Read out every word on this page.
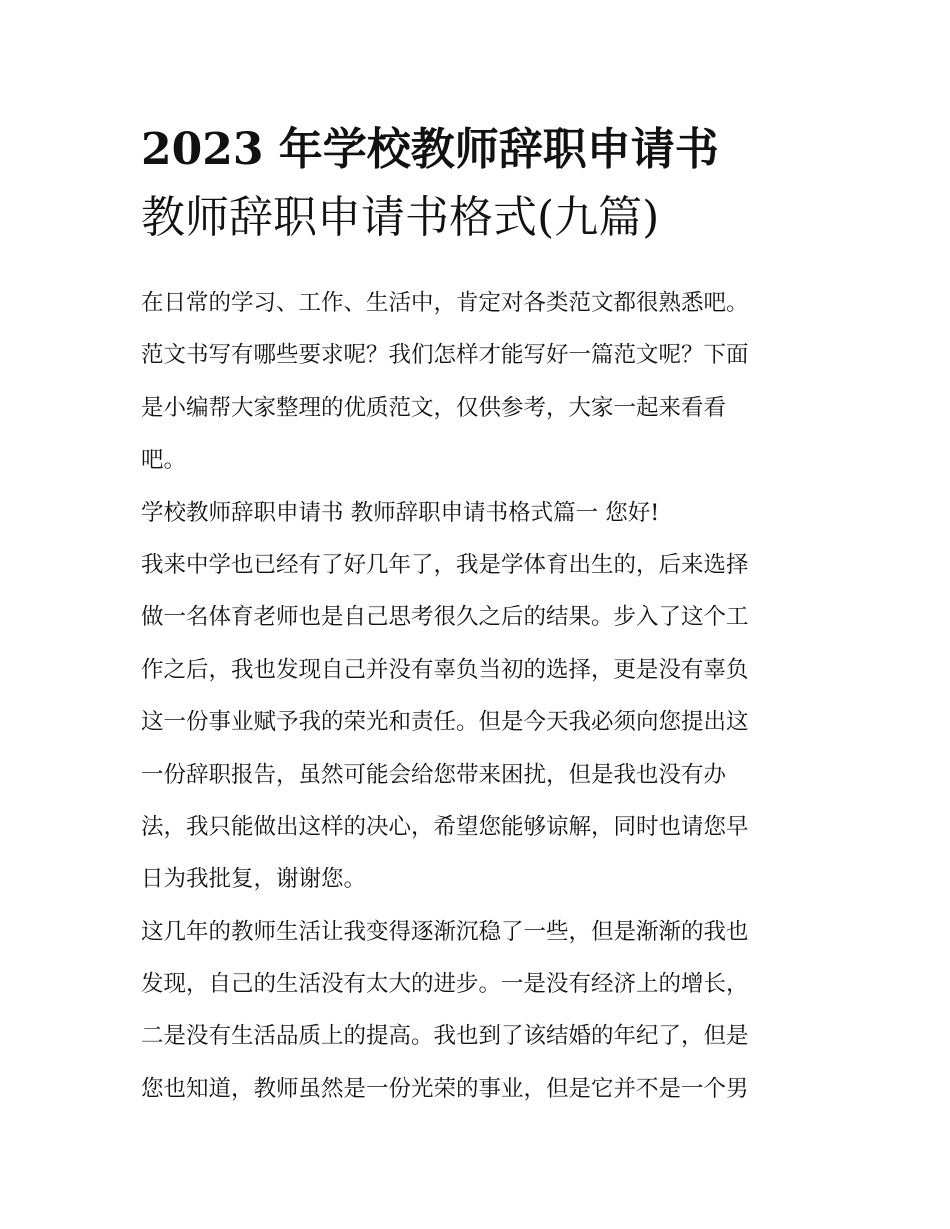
2023 年学校教师辞职申请书
教师辞职申请书格式(九篇)
在日常的学习、工作、生活中，肯定对各类范文都很熟悉吧。
范文书写有哪些要求呢？我们怎样才能写好一篇范文呢？下面
是小编帮大家整理的优质范文，仅供参考，大家一起来看看
吧。
学校教师辞职申请书 教师辞职申请书格式篇一 您好!
我来中学也已经有了好几年了，我是学体育出生的，后来选择
做一名体育老师也是自己思考很久之后的结果。步入了这个工
作之后，我也发现自己并没有辜负当初的选择，更是没有辜负
这一份事业赋予我的荣光和责任。但是今天我必须向您提出这
一份辞职报告，虽然可能会给您带来困扰，但是我也没有办
法，我只能做出这样的决心，希望您能够谅解，同时也请您早
日为我批复，谢谢您。
这几年的教师生活让我变得逐渐沉稳了一些，但是渐渐的我也
发现，自己的生活没有太大的进步。一是没有经济上的增长，
二是没有生活品质上的提高。我也到了该结婚的年纪了，但是
您也知道，教师虽然是一份光荣的事业，但是它并不是一个男
